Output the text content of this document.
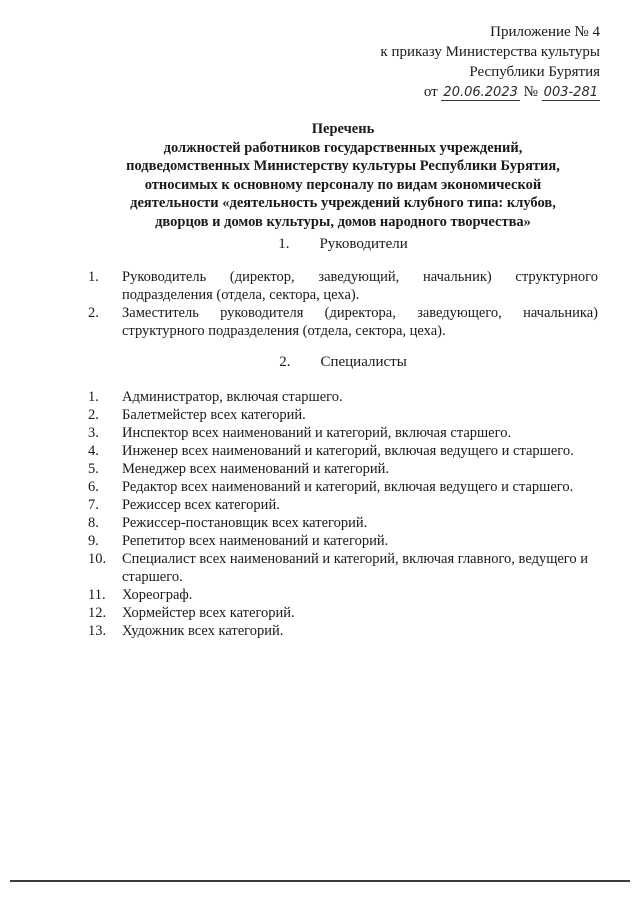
Приложение № 4
к приказу Министерства культуры
Республики Бурятия
от 20.06.2023 № 003-281
Перечень
должностей работников государственных учреждений,
подведомственных Министерству культуры Республики Бурятия,
относимых к основному персоналу по видам экономической
деятельности «деятельность учреждений клубного типа: клубов,
дворцов и домов культуры, домов народного творчества»
1. Руководители
1.	Руководитель (директор, заведующий, начальник) структурного подразделения (отдела, сектора, цеха).
2.	Заместитель руководителя (директора, заведующего, начальника) структурного подразделения (отдела, сектора, цеха).
2. Специалисты
1.	Администратор, включая старшего.
2.	Балетмейстер всех категорий.
3.	Инспектор всех наименований и категорий, включая старшего.
4.	Инженер всех наименований и категорий, включая ведущего и старшего.
5.	Менеджер всех наименований и категорий.
6.	Редактор всех наименований и категорий, включая ведущего и старшего.
7.	Режиссер всех категорий.
8.	Режиссер-постановщик всех категорий.
9.	Репетитор всех наименований и категорий.
10.	Специалист всех наименований и категорий, включая главного, ведущего и старшего.
11.	Хореограф.
12.	Хормейстер всех категорий.
13.	Художник всех категорий.
